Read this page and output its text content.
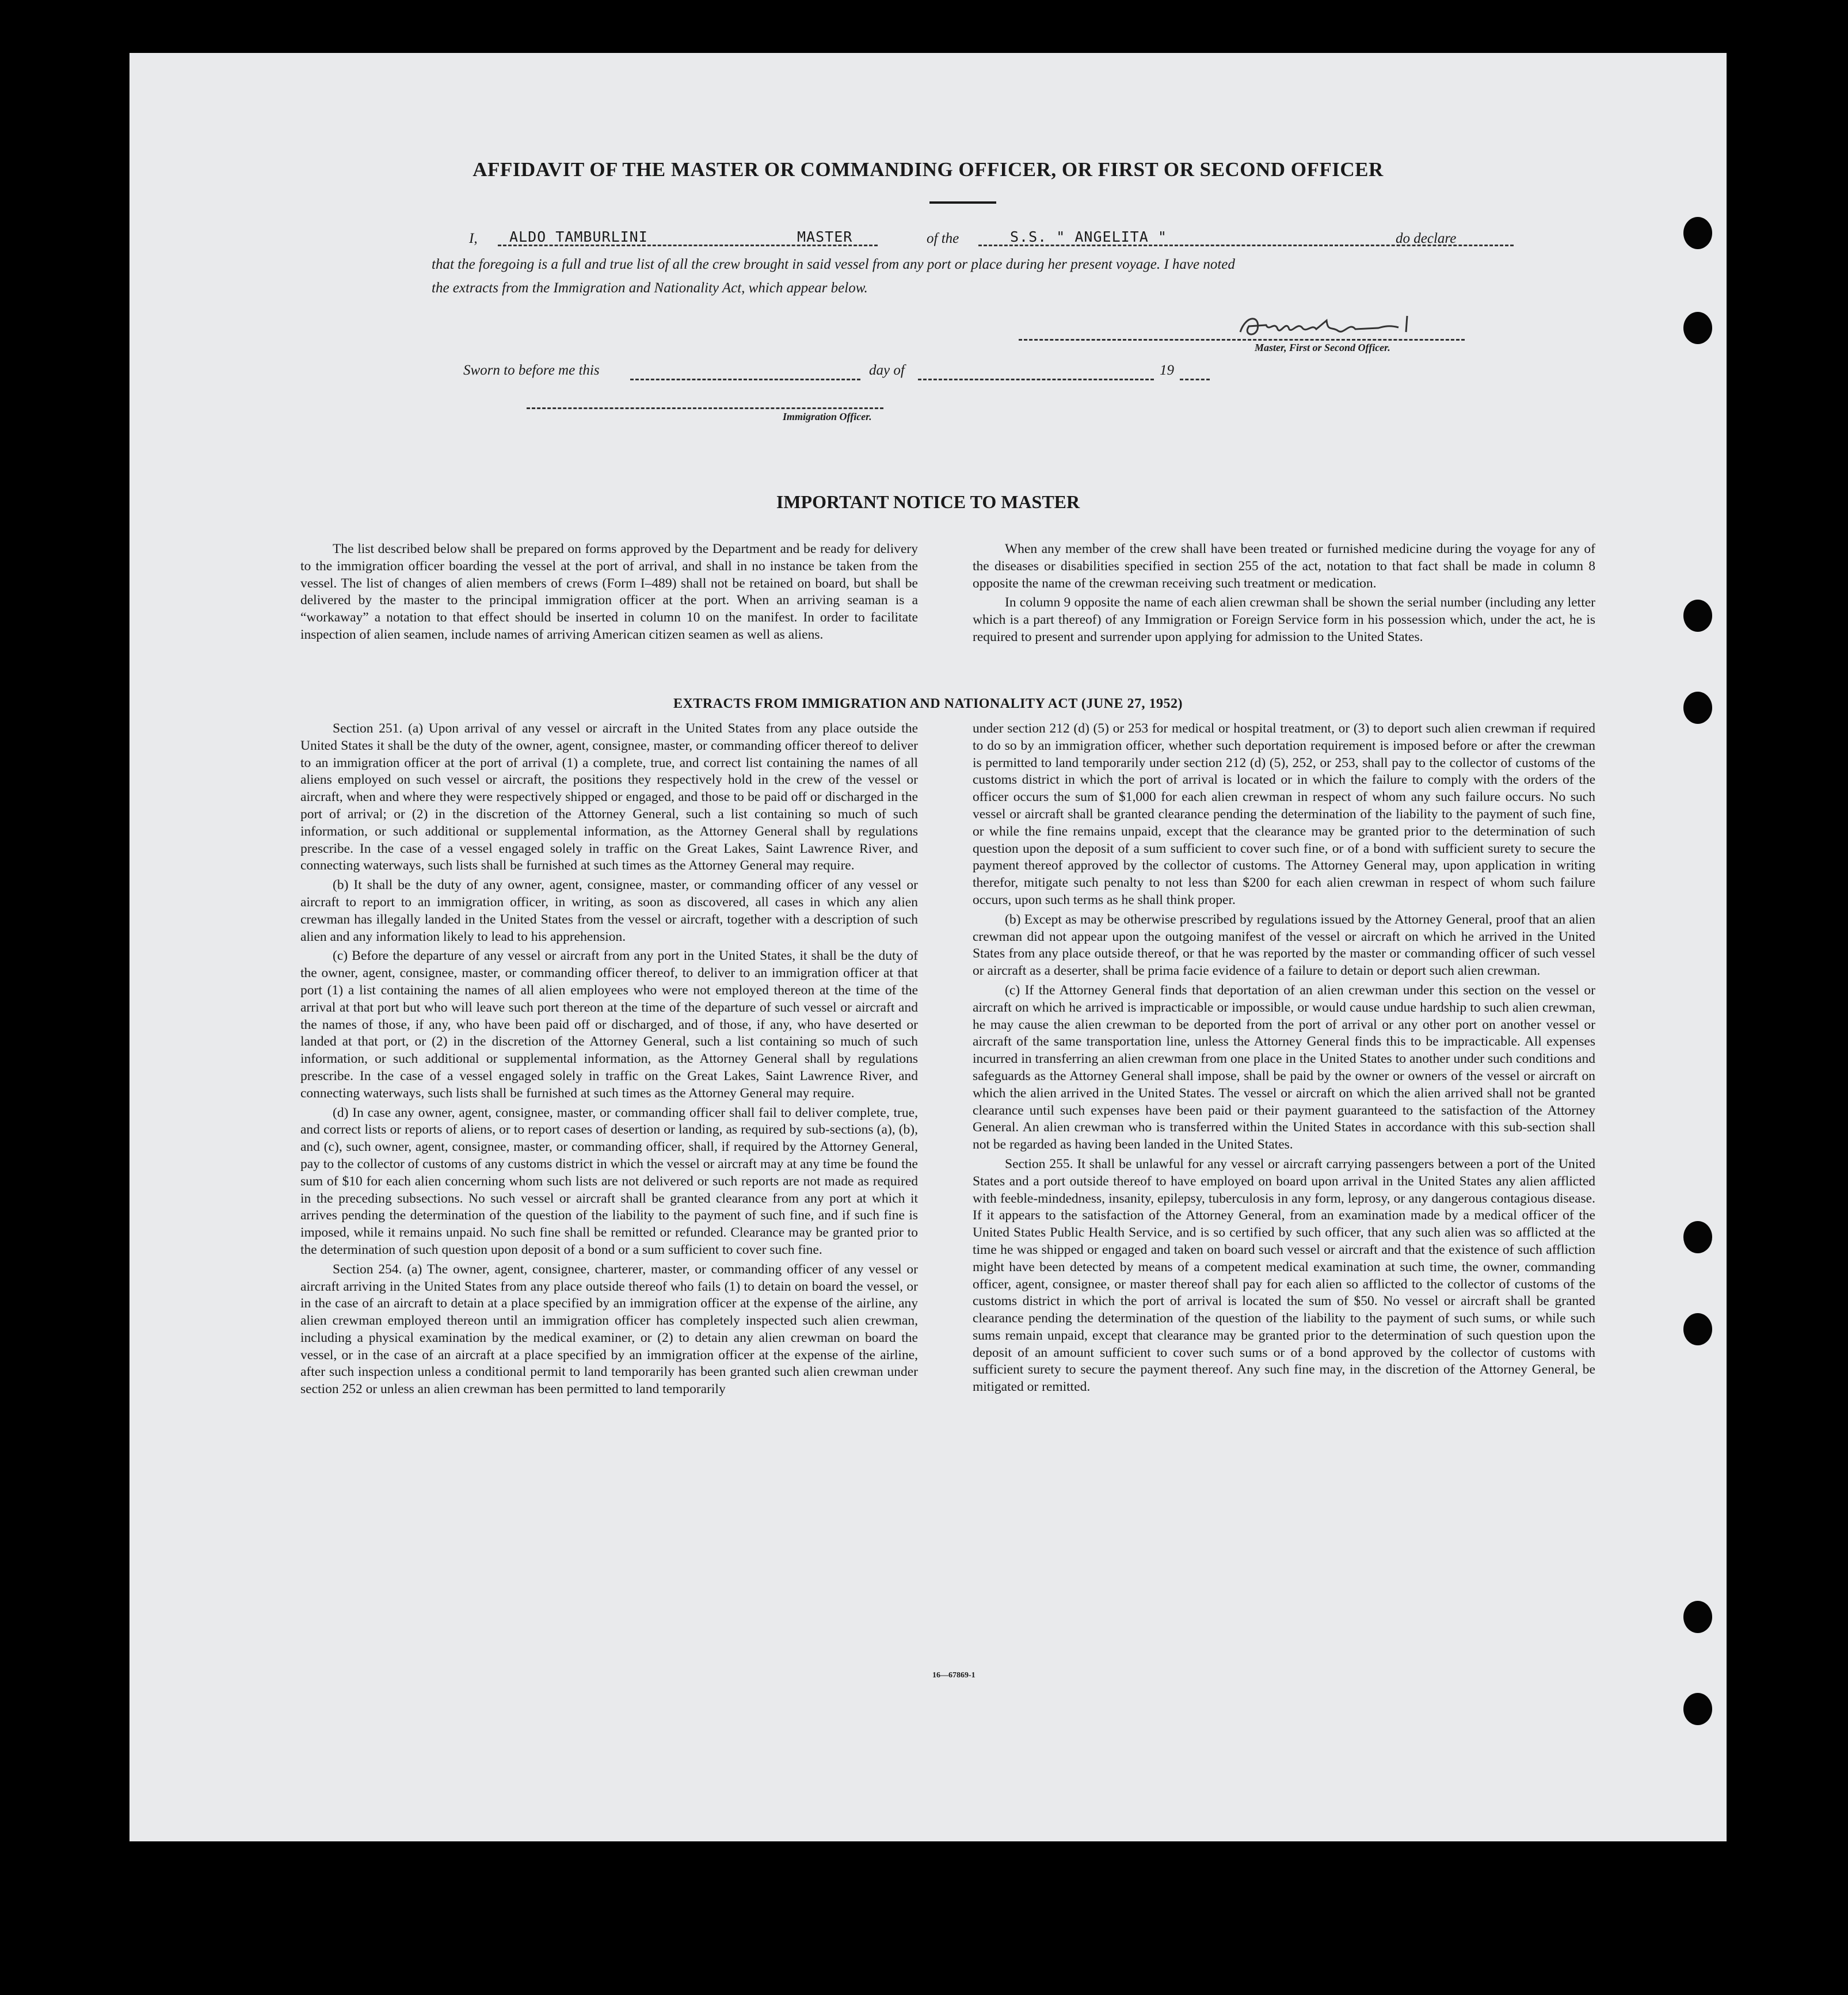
AFFIDAVIT OF THE MASTER OR COMMANDING OFFICER, OR FIRST OR SECOND OFFICER
I, ALDO TAMBURLINI	MASTER	of the	S.S. " ANGELITA "	do declare
that the foregoing is a full and true list of all the crew brought in said vessel from any port or place during her present voyage. I have noted
the extracts from the Immigration and Nationality Act, which appear below.
Master, First or Second Officer.
Sworn to before me this	day of	19
Immigration Officer.
IMPORTANT NOTICE TO MASTER

The list described below shall be prepared on forms approved by the Department and be ready for delivery to the immigration officer boarding the vessel at the port of arrival, and shall in no instance be taken from the vessel. The list of changes of alien members of crews (Form I–489) shall not be retained on board, but shall be delivered by the master to the principal immigration officer at the port. When an arriving seaman is a “workaway” a notation to that effect should be inserted in column 10 on the manifest. In order to facilitate inspection of alien seamen, include names of arriving American citizen seamen as well as aliens.

When any member of the crew shall have been treated or furnished medicine during the voyage for any of the diseases or disabilities specified in section 255 of the act, notation to that fact shall be made in column 8 opposite the name of the crewman receiving such treatment or medication.

In column 9 opposite the name of each alien crewman shall be shown the serial number (including any letter which is a part thereof) of any Immigration or Foreign Service form in his possession which, under the act, he is required to present and surrender upon applying for admission to the United States.

EXTRACTS FROM IMMIGRATION AND NATIONALITY ACT (JUNE 27, 1952)

Section 251. (a) Upon arrival of any vessel or aircraft in the United States from any place outside the United States it shall be the duty of the owner, agent, consignee, master, or commanding officer thereof to deliver to an immigration officer at the port of arrival (1) a complete, true, and correct list containing the names of all aliens employed on such vessel or aircraft, the positions they respectively hold in the crew of the vessel or aircraft, when and where they were respectively shipped or engaged, and those to be paid off or discharged in the port of arrival; or (2) in the discretion of the Attorney General, such a list containing so much of such information, or such additional or supplemental information, as the Attorney General shall by regulations prescribe. In the case of a vessel engaged solely in traffic on the Great Lakes, Saint Lawrence River, and connecting waterways, such lists shall be furnished at such times as the Attorney General may require.

(b) It shall be the duty of any owner, agent, consignee, master, or commanding officer of any vessel or aircraft to report to an immigration officer, in writing, as soon as discovered, all cases in which any alien crewman has illegally landed in the United States from the vessel or aircraft, together with a description of such alien and any information likely to lead to his apprehension.

(c) Before the departure of any vessel or aircraft from any port in the United States, it shall be the duty of the owner, agent, consignee, master, or commanding officer thereof, to deliver to an immigration officer at that port (1) a list containing the names of all alien employees who were not employed thereon at the time of the arrival at that port but who will leave such port thereon at the time of the departure of such vessel or aircraft and the names of those, if any, who have been paid off or discharged, and of those, if any, who have deserted or landed at that port, or (2) in the discretion of the Attorney General, such a list containing so much of such information, or such additional or supplemental information, as the Attorney General shall by regulations prescribe. In the case of a vessel engaged solely in traffic on the Great Lakes, Saint Lawrence River, and connecting waterways, such lists shall be furnished at such times as the Attorney General may require.

(d) In case any owner, agent, consignee, master, or commanding officer shall fail to deliver complete, true, and correct lists or reports of aliens, or to report cases of desertion or landing, as required by sub-sections (a), (b), and (c), such owner, agent, consignee, master, or commanding officer, shall, if required by the Attorney General, pay to the collector of customs of any customs district in which the vessel or aircraft may at any time be found the sum of $10 for each alien concerning whom such lists are not delivered or such reports are not made as required in the preceding subsections. No such vessel or aircraft shall be granted clearance from any port at which it arrives pending the determination of the question of the liability to the payment of such fine, and if such fine is imposed, while it remains unpaid. No such fine shall be remitted or refunded. Clearance may be granted prior to the determination of such question upon deposit of a bond or a sum sufficient to cover such fine.

Section 254. (a) The owner, agent, consignee, charterer, master, or commanding officer of any vessel or aircraft arriving in the United States from any place outside thereof who fails (1) to detain on board the vessel, or in the case of an aircraft to detain at a place specified by an immigration officer at the expense of the airline, any alien crewman employed thereon until an immigration officer has completely inspected such alien crewman, including a physical examination by the medical examiner, or (2) to detain any alien crewman on board the vessel, or in the case of an aircraft at a place specified by an immigration officer at the expense of the airline, after such inspection unless a conditional permit to land temporarily has been granted such alien crewman under section 252 or unless an alien crewman has been permitted to land temporarily

under section 212 (d) (5) or 253 for medical or hospital treatment, or (3) to deport such alien crewman if required to do so by an immigration officer, whether such deportation requirement is imposed before or after the crewman is permitted to land temporarily under section 212 (d) (5), 252, or 253, shall pay to the collector of customs of the customs district in which the port of arrival is located or in which the failure to comply with the orders of the officer occurs the sum of $1,000 for each alien crewman in respect of whom any such failure occurs. No such vessel or aircraft shall be granted clearance pending the determination of the liability to the payment of such fine, or while the fine remains unpaid, except that the clearance may be granted prior to the determination of such question upon the deposit of a sum sufficient to cover such fine, or of a bond with sufficient surety to secure the payment thereof approved by the collector of customs. The Attorney General may, upon application in writing therefor, mitigate such penalty to not less than $200 for each alien crewman in respect of whom such failure occurs, upon such terms as he shall think proper.

(b) Except as may be otherwise prescribed by regulations issued by the Attorney General, proof that an alien crewman did not appear upon the outgoing manifest of the vessel or aircraft on which he arrived in the United States from any place outside thereof, or that he was reported by the master or commanding officer of such vessel or aircraft as a deserter, shall be prima facie evidence of a failure to detain or deport such alien crewman.

(c) If the Attorney General finds that deportation of an alien crewman under this section on the vessel or aircraft on which he arrived is impracticable or impossible, or would cause undue hardship to such alien crewman, he may cause the alien crewman to be deported from the port of arrival or any other port on another vessel or aircraft of the same transportation line, unless the Attorney General finds this to be impracticable. All expenses incurred in transferring an alien crewman from one place in the United States to another under such conditions and safeguards as the Attorney General shall impose, shall be paid by the owner or owners of the vessel or aircraft on which the alien arrived in the United States. The vessel or aircraft on which the alien arrived shall not be granted clearance until such expenses have been paid or their payment guaranteed to the satisfaction of the Attorney General. An alien crewman who is transferred within the United States in accordance with this sub-section shall not be regarded as having been landed in the United States.

Section 255. It shall be unlawful for any vessel or aircraft carrying passengers between a port of the United States and a port outside thereof to have employed on board upon arrival in the United States any alien afflicted with feeble-mindedness, insanity, epilepsy, tuberculosis in any form, leprosy, or any dangerous contagious disease. If it appears to the satisfaction of the Attorney General, from an examination made by a medical officer of the United States Public Health Service, and is so certified by such officer, that any such alien was so afflicted at the time he was shipped or engaged and taken on board such vessel or aircraft and that the existence of such affliction might have been detected by means of a competent medical examination at such time, the owner, commanding officer, agent, consignee, or master thereof shall pay for each alien so afflicted to the collector of customs of the customs district in which the port of arrival is located the sum of $50. No vessel or aircraft shall be granted clearance pending the determination of the question of the liability to the payment of such sums, or while such sums remain unpaid, except that clearance may be granted prior to the determination of such question upon the deposit of an amount sufficient to cover such sums or of a bond approved by the collector of customs with sufficient surety to secure the payment thereof. Any such fine may, in the discretion of the Attorney General, be mitigated or remitted.

16—67869-1
